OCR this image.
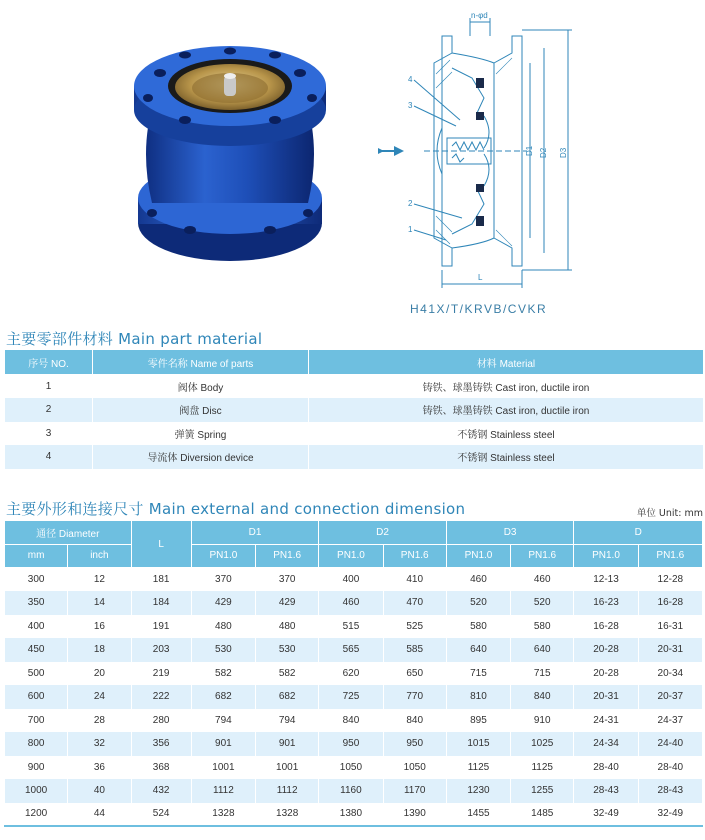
n-φd
D1 D2 D3
L
4
3
2
1
H41X/T/KRVB/CVKR
主要零部件材料 Main part material
序号 NO.	零件名称 Name of parts	材料 Material
1	阀体 Body	铸铁、球墨铸铁 Cast iron, ductile iron
2	阀盘 Disc	铸铁、球墨铸铁 Cast iron, ductile iron
3	弹簧 Spring	不锈钢 Stainless steel
4	导流体 Diversion device	不锈钢 Stainless steel
主要外形和连接尺寸 Main external and connection dimension	单位 Unit: mm
通径 Diameter		L	D1		D2		D3		D	
mm	inch		PN1.0	PN1.6	PN1.0	PN1.6	PN1.0	PN1.6	PN1.0	PN1.6
300	12	181	370	370	400	410	460	460	12-13	12-28
350	14	184	429	429	460	470	520	520	16-23	16-28
400	16	191	480	480	515	525	580	580	16-28	16-31
450	18	203	530	530	565	585	640	640	20-28	20-31
500	20	219	582	582	620	650	715	715	20-28	20-34
600	24	222	682	682	725	770	810	840	20-31	20-37
700	28	280	794	794	840	840	895	910	24-31	24-37
800	32	356	901	901	950	950	1015	1025	24-34	24-40
900	36	368	1001	1001	1050	1050	1125	1125	28-40	28-40
1000	40	432	1112	1112	1160	1170	1230	1255	28-43	28-43
1200	44	524	1328	1328	1380	1390	1455	1485	32-49	32-49
